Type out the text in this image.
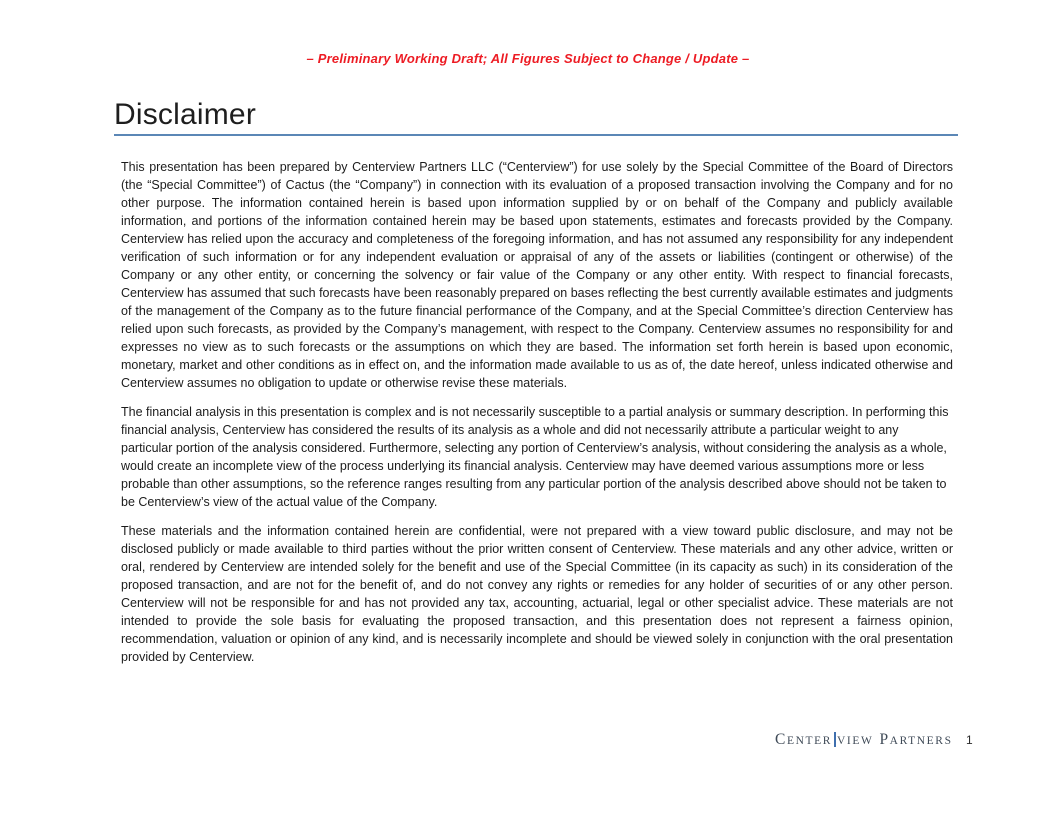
– Preliminary Working Draft; All Figures Subject to Change / Update –
Disclaimer

This presentation has been prepared by Centerview Partners LLC (“Centerview”) for use solely by the Special Committee of the Board of Directors (the “Special Committee”) of Cactus (the “Company”) in connection with its evaluation of a proposed transaction involving the Company and for no other purpose. The information contained herein is based upon information supplied by or on behalf of the Company and publicly available information, and portions of the information contained herein may be based upon statements, estimates and forecasts provided by the Company. Centerview has relied upon the accuracy and completeness of the foregoing information, and has not assumed any responsibility for any independent verification of such information or for any independent evaluation or appraisal of any of the assets or liabilities (contingent or otherwise) of the Company or any other entity, or concerning the solvency or fair value of the Company or any other entity. With respect to financial forecasts, Centerview has assumed that such forecasts have been reasonably prepared on bases reflecting the best currently available estimates and judgments of the management of the Company as to the future financial performance of the Company, and at the Special Committee’s direction Centerview has relied upon such forecasts, as provided by the Company’s management, with respect to the Company. Centerview assumes no responsibility for and expresses no view as to such forecasts or the assumptions on which they are based. The information set forth herein is based upon economic, monetary, market and other conditions as in effect on, and the information made available to us as of, the date hereof, unless indicated otherwise and Centerview assumes no obligation to update or otherwise revise these materials.

The financial analysis in this presentation is complex and is not necessarily susceptible to a partial analysis or summary description. In performing this financial analysis, Centerview has considered the results of its analysis as a whole and did not necessarily attribute a particular weight to any particular portion of the analysis considered. Furthermore, selecting any portion of Centerview’s analysis, without considering the analysis as a whole, would create an incomplete view of the process underlying its financial analysis. Centerview may have deemed various assumptions more or less probable than other assumptions, so the reference ranges resulting from any particular portion of the analysis described above should not be taken to be Centerview’s view of the actual value of the Company.

These materials and the information contained herein are confidential, were not prepared with a view toward public disclosure, and may not be disclosed publicly or made available to third parties without the prior written consent of Centerview. These materials and any other advice, written or oral, rendered by Centerview are intended solely for the benefit and use of the Special Committee (in its capacity as such) in its consideration of the proposed transaction, and are not for the benefit of, and do not convey any rights or remedies for any holder of securities of or any other person. Centerview will not be responsible for and has not provided any tax, accounting, actuarial, legal or other specialist advice. These materials are not intended to provide the sole basis for evaluating the proposed transaction, and this presentation does not represent a fairness opinion, recommendation, valuation or opinion of any kind, and is necessarily incomplete and should be viewed solely in conjunction with the oral presentation provided by Centerview.

CENTER VIEW PARTNERS 1
